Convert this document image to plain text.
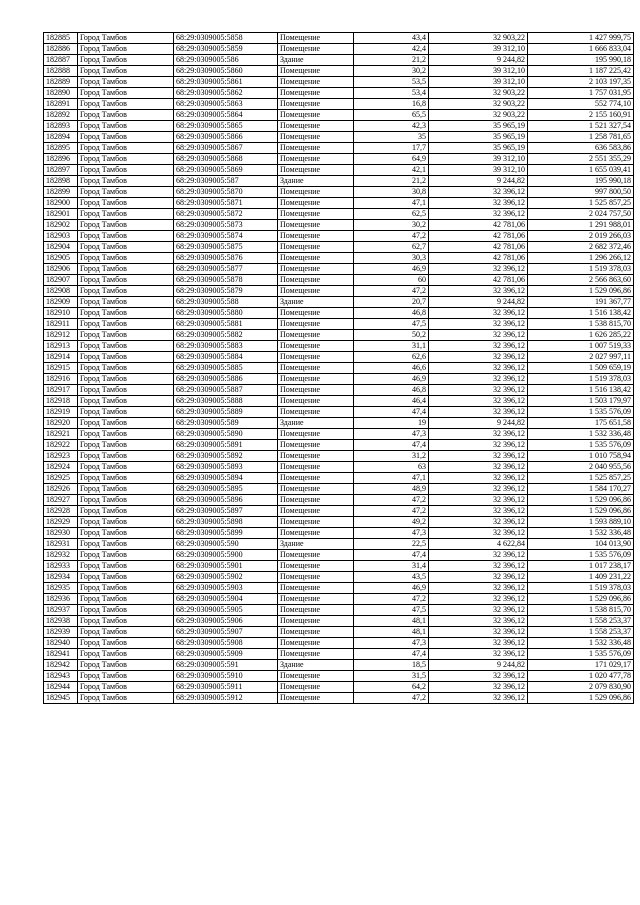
182885	Город Тамбов	68:29:0309005:5858	Помещение	43,4	32 903,22	1 427 999,75
182886	Город Тамбов	68:29:0309005:5859	Помещение	42,4	39 312,10	1 666 833,04
182887	Город Тамбов	68:29:0309005:586	Здание	21,2	9 244,82	195 990,18
182888	Город Тамбов	68:29:0309005:5860	Помещение	30,2	39 312,10	1 187 225,42
182889	Город Тамбов	68:29:0309005:5861	Помещение	53,5	39 312,10	2 103 197,35
182890	Город Тамбов	68:29:0309005:5862	Помещение	53,4	32 903,22	1 757 031,95
182891	Город Тамбов	68:29:0309005:5863	Помещение	16,8	32 903,22	552 774,10
182892	Город Тамбов	68:29:0309005:5864	Помещение	65,5	32 903,22	2 155 160,91
182893	Город Тамбов	68:29:0309005:5865	Помещение	42,3	35 965,19	1 521 327,54
182894	Город Тамбов	68:29:0309005:5866	Помещение	35	35 965,19	1 258 781,65
182895	Город Тамбов	68:29:0309005:5867	Помещение	17,7	35 965,19	636 583,86
182896	Город Тамбов	68:29:0309005:5868	Помещение	64,9	39 312,10	2 551 355,29
182897	Город Тамбов	68:29:0309005:5869	Помещение	42,1	39 312,10	1 655 039,41
182898	Город Тамбов	68:29:0309005:587	Здание	21,2	9 244,82	195 990,18
182899	Город Тамбов	68:29:0309005:5870	Помещение	30,8	32 396,12	997 800,50
182900	Город Тамбов	68:29:0309005:5871	Помещение	47,1	32 396,12	1 525 857,25
182901	Город Тамбов	68:29:0309005:5872	Помещение	62,5	32 396,12	2 024 757,50
182902	Город Тамбов	68:29:0309005:5873	Помещение	30,2	42 781,06	1 291 988,01
182903	Город Тамбов	68:29:0309005:5874	Помещение	47,2	42 781,06	2 019 266,03
182904	Город Тамбов	68:29:0309005:5875	Помещение	62,7	42 781,06	2 682 372,46
182905	Город Тамбов	68:29:0309005:5876	Помещение	30,3	42 781,06	1 296 266,12
182906	Город Тамбов	68:29:0309005:5877	Помещение	46,9	32 396,12	1 519 378,03
182907	Город Тамбов	68:29:0309005:5878	Помещение	60	42 781,06	2 566 863,60
182908	Город Тамбов	68:29:0309005:5879	Помещение	47,2	32 396,12	1 529 096,86
182909	Город Тамбов	68:29:0309005:588	Здание	20,7	9 244,82	191 367,77
182910	Город Тамбов	68:29:0309005:5880	Помещение	46,8	32 396,12	1 516 138,42
182911	Город Тамбов	68:29:0309005:5881	Помещение	47,5	32 396,12	1 538 815,70
182912	Город Тамбов	68:29:0309005:5882	Помещение	50,2	32 396,12	1 626 285,22
182913	Город Тамбов	68:29:0309005:5883	Помещение	31,1	32 396,12	1 007 519,33
182914	Город Тамбов	68:29:0309005:5884	Помещение	62,6	32 396,12	2 027 997,11
182915	Город Тамбов	68:29:0309005:5885	Помещение	46,6	32 396,12	1 509 659,19
182916	Город Тамбов	68:29:0309005:5886	Помещение	46,9	32 396,12	1 519 378,03
182917	Город Тамбов	68:29:0309005:5887	Помещение	46,8	32 396,12	1 516 138,42
182918	Город Тамбов	68:29:0309005:5888	Помещение	46,4	32 396,12	1 503 179,97
182919	Город Тамбов	68:29:0309005:5889	Помещение	47,4	32 396,12	1 535 576,09
182920	Город Тамбов	68:29:0309005:589	Здание	19	9 244,82	175 651,58
182921	Город Тамбов	68:29:0309005:5890	Помещение	47,3	32 396,12	1 532 336,48
182922	Город Тамбов	68:29:0309005:5891	Помещение	47,4	32 396,12	1 535 576,09
182923	Город Тамбов	68:29:0309005:5892	Помещение	31,2	32 396,12	1 010 758,94
182924	Город Тамбов	68:29:0309005:5893	Помещение	63	32 396,12	2 040 955,56
182925	Город Тамбов	68:29:0309005:5894	Помещение	47,1	32 396,12	1 525 857,25
182926	Город Тамбов	68:29:0309005:5895	Помещение	48,9	32 396,12	1 584 170,27
182927	Город Тамбов	68:29:0309005:5896	Помещение	47,2	32 396,12	1 529 096,86
182928	Город Тамбов	68:29:0309005:5897	Помещение	47,2	32 396,12	1 529 096,86
182929	Город Тамбов	68:29:0309005:5898	Помещение	49,2	32 396,12	1 593 889,10
182930	Город Тамбов	68:29:0309005:5899	Помещение	47,3	32 396,12	1 532 336,48
182931	Город Тамбов	68:29:0309005:590	Здание	22,5	4 622,84	104 013,90
182932	Город Тамбов	68:29:0309005:5900	Помещение	47,4	32 396,12	1 535 576,09
182933	Город Тамбов	68:29:0309005:5901	Помещение	31,4	32 396,12	1 017 238,17
182934	Город Тамбов	68:29:0309005:5902	Помещение	43,5	32 396,12	1 409 231,22
182935	Город Тамбов	68:29:0309005:5903	Помещение	46,9	32 396,12	1 519 378,03
182936	Город Тамбов	68:29:0309005:5904	Помещение	47,2	32 396,12	1 529 096,86
182937	Город Тамбов	68:29:0309005:5905	Помещение	47,5	32 396,12	1 538 815,70
182938	Город Тамбов	68:29:0309005:5906	Помещение	48,1	32 396,12	1 558 253,37
182939	Город Тамбов	68:29:0309005:5907	Помещение	48,1	32 396,12	1 558 253,37
182940	Город Тамбов	68:29:0309005:5908	Помещение	47,3	32 396,12	1 532 336,48
182941	Город Тамбов	68:29:0309005:5909	Помещение	47,4	32 396,12	1 535 576,09
182942	Город Тамбов	68:29:0309005:591	Здание	18,5	9 244,82	171 029,17
182943	Город Тамбов	68:29:0309005:5910	Помещение	31,5	32 396,12	1 020 477,78
182944	Город Тамбов	68:29:0309005:5911	Помещение	64,2	32 396,12	2 079 830,90
182945	Город Тамбов	68:29:0309005:5912	Помещение	47,2	32 396,12	1 529 096,86
